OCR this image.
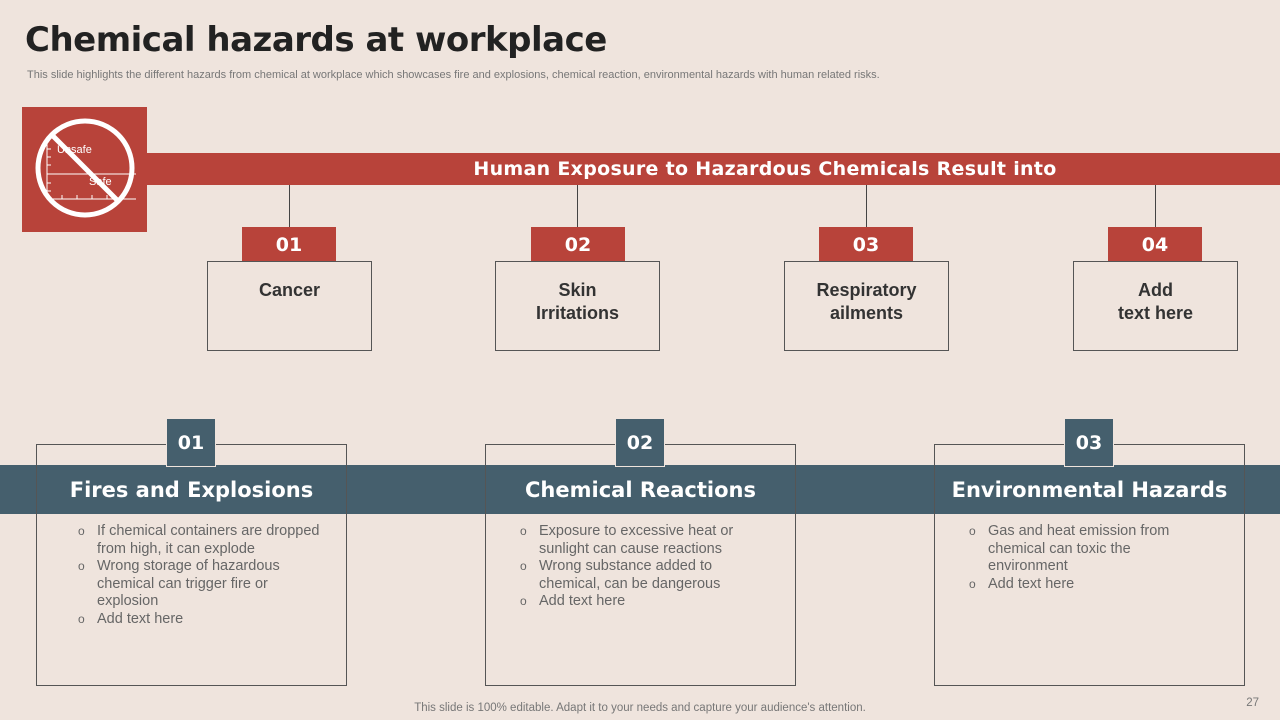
Chemical hazards at workplace
This slide highlights the different hazards from chemical at workplace which showcases fire and explosions, chemical reaction, environmental hazards with human related risks.
Human Exposure to Hazardous Chemicals Result into
Unsafe
Safe
01	02	03	04
Cancer	Skin
Irritations
Respiratory
ailments
Add
text here
Fires and Explosions	Chemical Reactions	Environmental Hazards
01	02	03
o If chemical containers are dropped from high, it can explode
o Wrong storage of hazardous chemical can trigger fire or explosion
o Add text here
o Exposure to excessive heat or sunlight can cause reactions
o Wrong substance added to chemical, can be dangerous
o Add text here
o Gas and heat emission from chemical can toxic the environment
o Add text here
This slide is 100% editable. Adapt it to your needs and capture your audience's attention.	27
